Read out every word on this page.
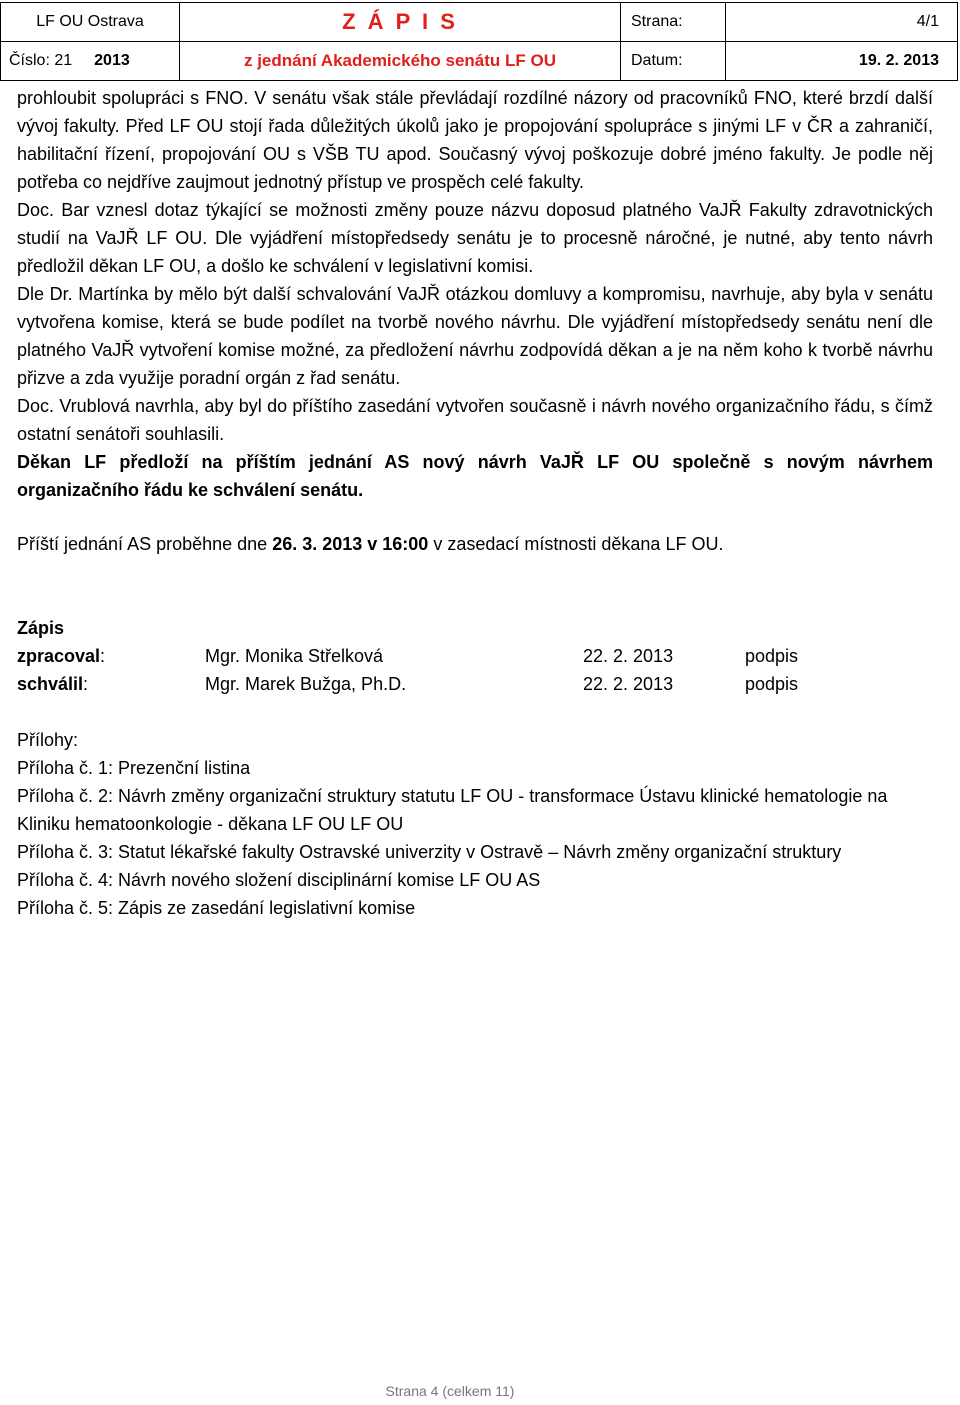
LF OU Ostrava	Z Á P I S	Strana:	4/1
Číslo: 21 2013	z jednání Akademického senátu LF OU	Datum:	19. 2. 2013

prohloubit spolupráci s FNO. V senátu však stále převládají rozdílné názory od pracovníků FNO, které brzdí další vývoj fakulty. Před LF OU stojí řada důležitých úkolů jako je propojování spolupráce s jinými LF v ČR a zahraničí, habilitační řízení, propojování OU s VŠB TU apod. Současný vývoj poškozuje dobré jméno fakulty. Je podle něj potřeba co nejdříve zaujmout jednotný přístup ve prospěch celé fakulty.

Doc. Bar vznesl dotaz týkající se možnosti změny pouze názvu doposud platného VaJŘ Fakulty zdravotnických studií na VaJŘ LF OU. Dle vyjádření místopředsedy senátu je to procesně náročné, je nutné, aby tento návrh předložil děkan LF OU, a došlo ke schválení v legislativní komisi.

Dle Dr. Martínka by mělo být další schvalování VaJŘ otázkou domluvy a kompromisu, navrhuje, aby byla v senátu vytvořena komise, která se bude podílet na tvorbě nového návrhu. Dle vyjádření místopředsedy senátu není dle platného VaJŘ vytvoření komise možné, za předložení návrhu zodpovídá děkan a je na něm koho k tvorbě návrhu přizve a zda využije poradní orgán z řad senátu.

Doc. Vrublová navrhla, aby byl do příštího zasedání vytvořen současně i návrh nového organizačního řádu, s čímž ostatní senátoři souhlasili.

Děkan LF předloží na příštím jednání AS nový návrh VaJŘ LF OU společně s novým návrhem organizačního řádu ke schválení senátu.

Příští jednání AS proběhne dne 26. 3. 2013 v 16:00 v zasedací místnosti děkana LF OU.

Zápis
zpracoval:	Mgr. Monika Střelková	22. 2. 2013	podpis
schválil:	Mgr. Marek Bužga, Ph.D.	22. 2. 2013	podpis
Přílohy:
Příloha č. 1: Prezenční listina
Příloha č. 2: Návrh změny organizační struktury statutu LF OU - transformace Ústavu klinické hematologie na Kliniku hematoonkologie - děkana LF OU LF OU
Příloha č. 3: Statut lékařské fakulty Ostravské univerzity v Ostravě – Návrh změny organizační struktury
Příloha č. 4: Návrh nového složení disciplinární komise LF OU AS
Příloha č. 5: Zápis ze zasedání legislativní komise
Strana 4 (celkem 11)
